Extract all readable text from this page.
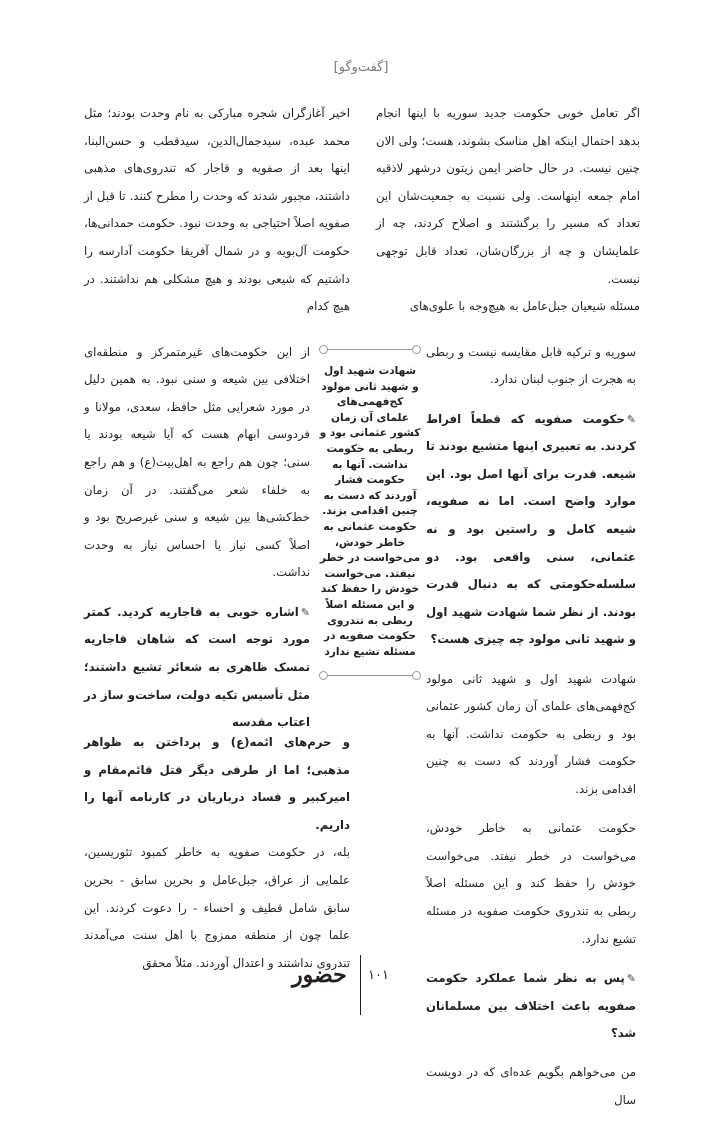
[گفت‌وگو]

اگر تعامل خوبی حکومت جدید سوریه با اینها انجام بدهد احتمال اینکه اهل مناسک بشوند، هست؛ ولی الان چنین نیست. در حال حاضر ایمن زیتون درشهر لاذقیه امام جمعه اینهاست. ولی نسبت به جمعیت‌شان این تعداد که مسیر را برگشتند و اصلاح کردند، چه از علمایشان و چه از بزرگان‌شان، تعداد قابل توجهی نیست.

مسئله شیعیان جبل‌عامل به هیچ‌وجه با علوی‌های

سوریه و ترکیه قابل مقایسه نیست و ربطی به هجرت از جنوب لبنان ندارد.

✎حکومت صفویه که قطعاً افراط کردند. به تعبیری اینها متشیع بودند تا شیعه. قدرت برای آنها اصل بود. این موارد واضح است. اما نه صفویه، شیعه کامل و راستین بود و نه عثمانی، سنی واقعی بود. دو سلسله‌حکومتی که به دنبال قدرت بودند. از نظر شما شهادت شهید اول و شهید ثانی مولود چه چیزی هست؟

شهادت شهید اول و شهید ثانی مولود کج‌فهمی‌های علمای آن زمان کشور عثمانی بود و ربطی به حکومت نداشت. آنها به حکومت فشار آوردند که دست به چنین اقدامی بزند.

حکومت عثمانی به خاطر خودش، می‌خواست در خطر نیفتد. می‌خواست خودش را حفظ کند و این مسئله اصلاً ربطی به تندروی حکومت صفویه در مسئله تشیع ندارد.

✎پس به نظر شما عملکرد حکومت صفویه باعث اختلاف بین مسلمانان شد؟

من می‌خواهم بگویم عده‌ای که در دویست سال

اخیر آغازگران شجره مبارکی به نام وحدت بودند؛ مثل محمد عبده، سیدجمال‌الدین، سیدقطب و حسن‌البنا، اینها بعد از صفویه و قاجار که تندروی‌های مذهبی داشتند، مجبور شدند که وحدت را مطرح کنند. تا قبل از صفویه اصلاً احتیاجی به وحدت نبود. حکومت حمدانی‌ها، حکومت آل‌بویه و در شمال آفریقا حکومت آدارسه را داشتیم که شیعی بودند و هیچ مشکلی هم نداشتند. در هیچ کدام

از این حکومت‌های غیرمتمرکز و منطقه‌ای اختلافی بین شیعه و سنی نبود. به همین دلیل در مورد شعرایی مثل حافظ، سعدی، مولانا و فردوسی ابهام هست که آیا شیعه بودند یا سنی؛ چون هم راجع به اهل‌بیت(ع) و هم راجع به خلفاء شعر می‌گفتند. در آن زمان خط‌کشی‌ها بین شیعه و سنی غیرصریح بود و اصلاً کسی نیاز یا احساس نیاز به وحدت نداشت.

✎اشاره خوبی به قاجاریه کردید. کمتر مورد توجه است که شاهان قاجاریه تمسک ظاهری به شعائر تشیع داشتند؛ مثل تأسیس تکیه دولت، ساخت‌و ساز در اعتاب مقدسه

و حرم‌های ائمه(ع) و پرداختن به ظواهر مذهبی؛ اما از طرفی دیگر قتل قائم‌مقام و امیرکبیر و فساد درباریان در کارنامه آنها را داریم.

بله، در حکومت صفویه به خاطر کمبود تئوریسین، علمایی از عراق، جبل‌عامل و بحرین سابق - بحرین سابق شامل قطیف و احساء - را دعوت کردند. این علما چون از منطقه ممزوج با اهل سنت می‌آمدند تندروی نداشتند و اعتدال آوردند. مثلاً محقق

شهادت شهید اول و شهید ثانی مولود کج‌فهمی‌های علمای آن زمان کشور عثمانی بود و ربطی به حکومت نداشت. آنها به حکومت فشار آوردند که دست به چنین اقدامی بزند. حکومت عثمانی به خاطر خودش، می‌خواست در خطر نیفتد. می‌خواست خودش را حفظ کند و این مسئله اصلاً ربطی به تندروی حکومت صفویه در مسئله تشیع ندارد
حضور ۱۰۱
